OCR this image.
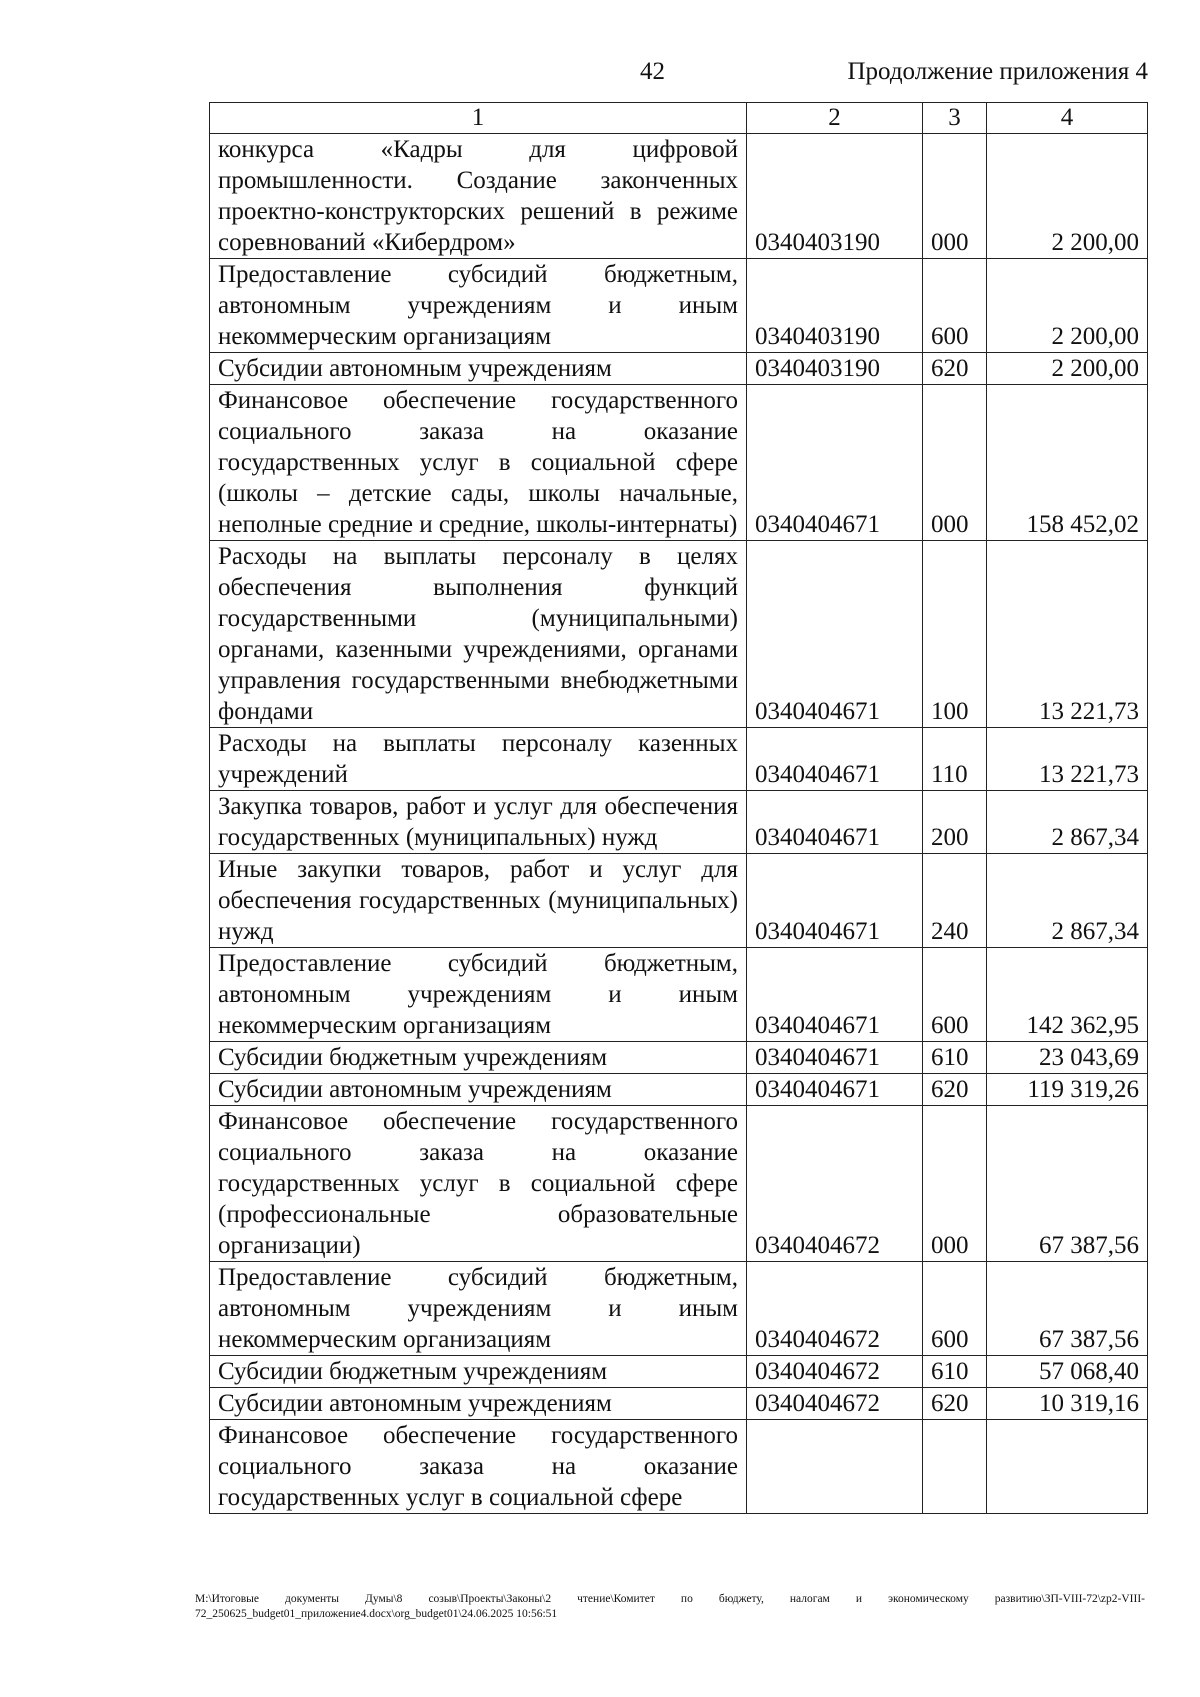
42	Продолжение приложения 4
1	2	3	4
конкурса «Кадры для цифровой промышленности. Создание законченных проектно-конструкторских решений в режиме соревнований «Кибердром»	0340403190	000	2 200,00
Предоставление субсидий бюджетным, автономным учреждениям и иным некоммерческим организациям	0340403190	600	2 200,00
Субсидии автономным учреждениям	0340403190	620	2 200,00
Финансовое обеспечение государственного социального заказа на оказание государственных услуг в социальной сфере (школы – детские сады, школы начальные, неполные средние и средние, школы-интернаты)	0340404671	000	158 452,02
Расходы на выплаты персоналу в целях обеспечения выполнения функций государственными (муниципальными) органами, казенными учреждениями, органами управления государственными внебюджетными фондами	0340404671	100	13 221,73
Расходы на выплаты персоналу казенных учреждений	0340404671	110	13 221,73
Закупка товаров, работ и услуг для обеспечения государственных (муниципальных) нужд	0340404671	200	2 867,34
Иные закупки товаров, работ и услуг для обеспечения государственных (муниципальных) нужд	0340404671	240	2 867,34
Предоставление субсидий бюджетным, автономным учреждениям и иным некоммерческим организациям	0340404671	600	142 362,95
Субсидии бюджетным учреждениям	0340404671	610	23 043,69
Субсидии автономным учреждениям	0340404671	620	119 319,26
Финансовое обеспечение государственного социального заказа на оказание государственных услуг в социальной сфере (профессиональные образовательные организации)	0340404672	000	67 387,56
Предоставление субсидий бюджетным, автономным учреждениям и иным некоммерческим организациям	0340404672	600	67 387,56
Субсидии бюджетным учреждениям	0340404672	610	57 068,40
Субсидии автономным учреждениям	0340404672	620	10 319,16
Финансовое обеспечение государственного социального заказа на оказание государственных услуг в социальной сфере			
M:\Итоговые документы Думы\8 созыв\Проекты\Законы\2 чтение\Комитет по бюджету, налогам и экономическому развитию\ЗП-VIII-72\zp2-VIII-72_250625_budget01_приложение4.docx\org_budget01\24.06.2025 10:56:51
